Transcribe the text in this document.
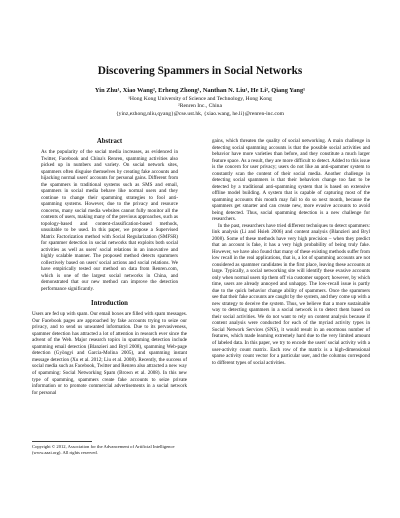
Discovering Spammers in Social Networks
Yin Zhu¹, Xiao Wang², Erheng Zhong¹, Nanthan N. Liu¹, He Li², Qiang Yang¹
¹Hong Kong University of Science and Technology, Hong Kong
²Renren Inc., China
{yinz,ezhong,nliu,qyang}@cse.ust.hk, {xiao.wang, he.li}@renren-inc.com
Abstract

As the popularity of the social media increases, as evidenced in Twitter, Facebook and China's Renren, spamming activities also picked up in numbers and variety. On social network sites, spammers often disguise themselves by creating fake accounts and hijacking normal users' accounts for personal gains. Different from the spammers in traditional systems such as SMS and email, spammers in social media behave like normal users and they continue to change their spamming strategies to fool anti-spamming systems. However, due to the privacy and resource concerns, many social media websites cannot fully monitor all the contents of users, making many of the previous approaches, such as topology-based and content-classification-based methods, unsuitable to be used. In this paper, we propose a Supervised Matrix Factorization method with Social Regularization (SMFSR) for spammer detection in social networks that exploits both social activities as well as users' social relations in an innovative and highly scalable manner. The proposed method detects spammers collectively based on users' social actions and social relations. We have empirically tested our method on data from Renren.com, which is one of the largest social networks in China, and demonstrated that our new method can improve the detection performance significantly.

Introduction

Users are fed up with spam. Our email boxes are filled with spam messages. Our Facebook pages are approached by fake accounts trying to seize our privacy, and to send us unwanted information. Due to its pervasiveness, spammer detection has attracted a lot of attention in research ever since the advent of the Web. Major research topics in spamming detection include spamming email detection (Blanzieri and Bryl 2008), spamming Web-page detection (Gyöngyi and Garcia-Molina 2005), and spamming instant message detection (Xu et al. 2012; Liu et al. 2008). Recently, the success of social media such as Facebook, Twitter and Renren also attracted a new way of spamming: Social Networking Spam (Brown et al. 2008). In this new type of spamming, spammers create fake accounts to seize private information or to promote commercial advertisements in a social network for personal

gains, which threaten the quality of social networking. A main challenge in detecting social spamming accounts is that the possible social activities and behavior have more varieties than before, and they constitute a much larger feature space. As a result, they are more difficult to detect. Added to this issue is the concern for user privacy; users do not like an anti-spammer system to constantly scan the content of their social media. Another challenge in detecting social spammers is that their behaviors change too fast to be detected by a traditional anti-spamming system that is based on extensive offline model building. A system that is capable of capturing most of the spamming accounts this month may fail to do so next month, because the spammers get smarter and can create new, more evasive accounts to avoid being detected. Thus, social spamming detection is a new challenge for researchers.

In the past, researchers have tried different techniques to detect spammers: link analysis (Li and Hsieh 2006) and content analysis (Blanzieri and Bryl 2008). Some of these methods have very high precision – when they predict that an account is fake, it has a very high probability of being truly fake. However, we have also found that many of these existing methods suffer from low recall in the real applications, that is, a lot of spamming accounts are not considered as spammer candidates in the first place, leaving these accounts at large. Typically, a social networking site will identify these evasive accounts only when normal users tip them off via customer support; however, by which time, users are already annoyed and unhappy. The low-recall issue is partly due to the quick behavior change ability of spammers. Once the spammers see that their fake accounts are caught by the system, and they come up with a new strategy to deceive the system. Thus, we believe that a more sustainable way to detecting spammers in a social network is to detect them based on their social activities. We do not want to rely on content analysis because if content analysis were conducted for each of the myriad activity types in Social Network Services (SNS), it would result in an enormous number of features, which made learning extremely hard due to the very limited amount of labeled data. In this paper, we try to encode the users' social activity with a user-activity count matrix. Each row of the matrix is a high-dimensional sparse activity count vector for a particular user, and the columns correspond to different types of social activities.

Copyright © 2012, Association for the Advancement of Artificial Intelligence (www.aaai.org). All rights reserved.
